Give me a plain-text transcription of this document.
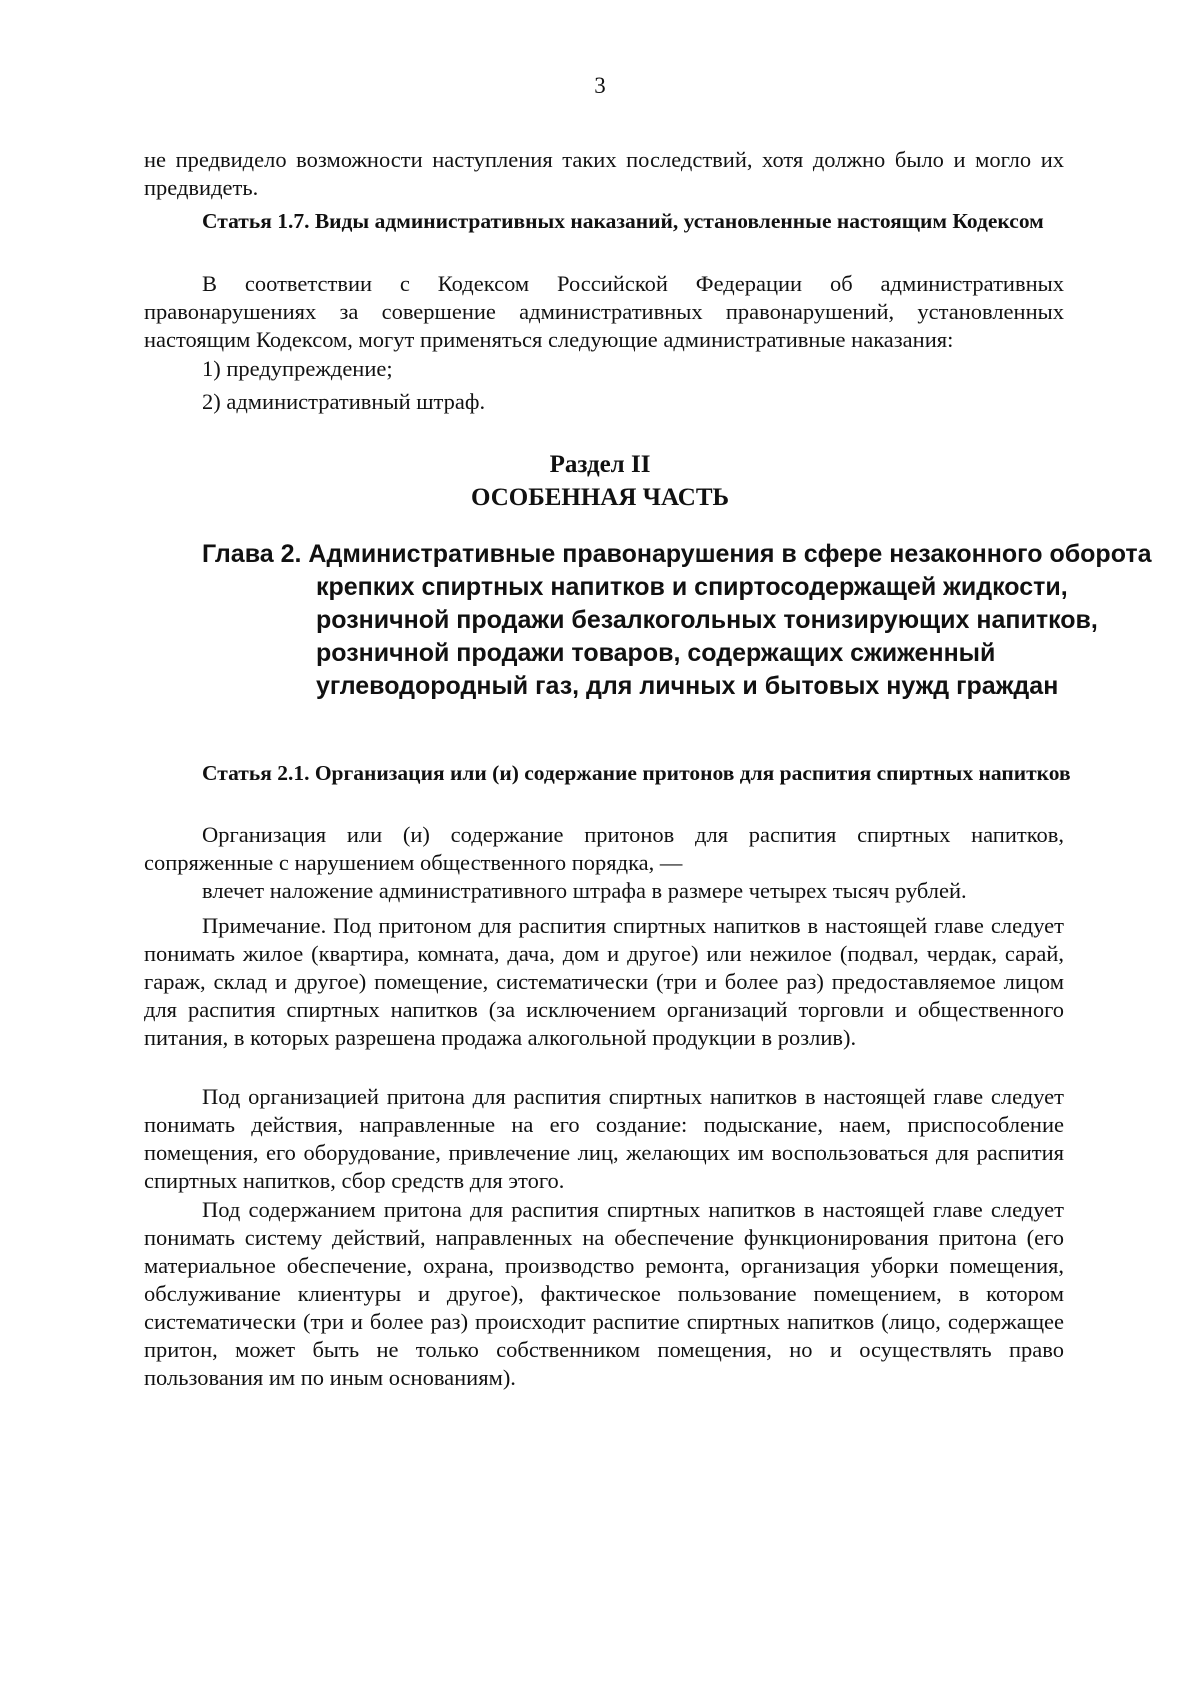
3

не предвидело возможности наступления таких последствий, хотя должно было и могло их предвидеть.

Статья 1.7. Виды административных наказаний, установленные настоящим Кодексом

В соответствии с Кодексом Российской Федерации об административных правонарушениях за совершение административных правонарушений, установленных настоящим Кодексом, могут применяться следующие административные наказания:

1) предупреждение;

2) административный штраф.

Раздел II

ОСОБЕННАЯ ЧАСТЬ

Глава 2. Административные правонарушения в сфере незаконного оборота крепких спиртных напитков и спиртосодержащей жидкости, розничной продажи безалкогольных тонизирующих напитков, розничной продажи товаров, содержащих сжиженный углеводородный газ, для личных и бытовых нужд граждан

Статья 2.1. Организация или (и) содержание притонов для распития спиртных напитков

Организация или (и) содержание притонов для распития спиртных напитков, сопряженные с нарушением общественного порядка, —

влечет наложение административного штрафа в размере четырех тысяч рублей.

Примечание. Под притоном для распития спиртных напитков в настоящей главе следует понимать жилое (квартира, комната, дача, дом и другое) или нежилое (подвал, чердак, сарай, гараж, склад и другое) помещение, систематически (три и более раз) предоставляемое лицом для распития спиртных напитков (за исключением организаций торговли и общественного питания, в которых разрешена продажа алкогольной продукции в розлив).

Под организацией притона для распития спиртных напитков в настоящей главе следует понимать действия, направленные на его создание: подыскание, наем, приспособление помещения, его оборудование, привлечение лиц, желающих им воспользоваться для распития спиртных напитков, сбор средств для этого.

Под содержанием притона для распития спиртных напитков в настоящей главе следует понимать систему действий, направленных на обеспечение функционирования притона (его материальное обеспечение, охрана, производство ремонта, организация уборки помещения, обслуживание клиентуры и другое), фактическое пользование помещением, в котором систематически (три и более раз) происходит распитие спиртных напитков (лицо, содержащее притон, может быть не только собственником помещения, но и осуществлять право пользования им по иным основаниям).
